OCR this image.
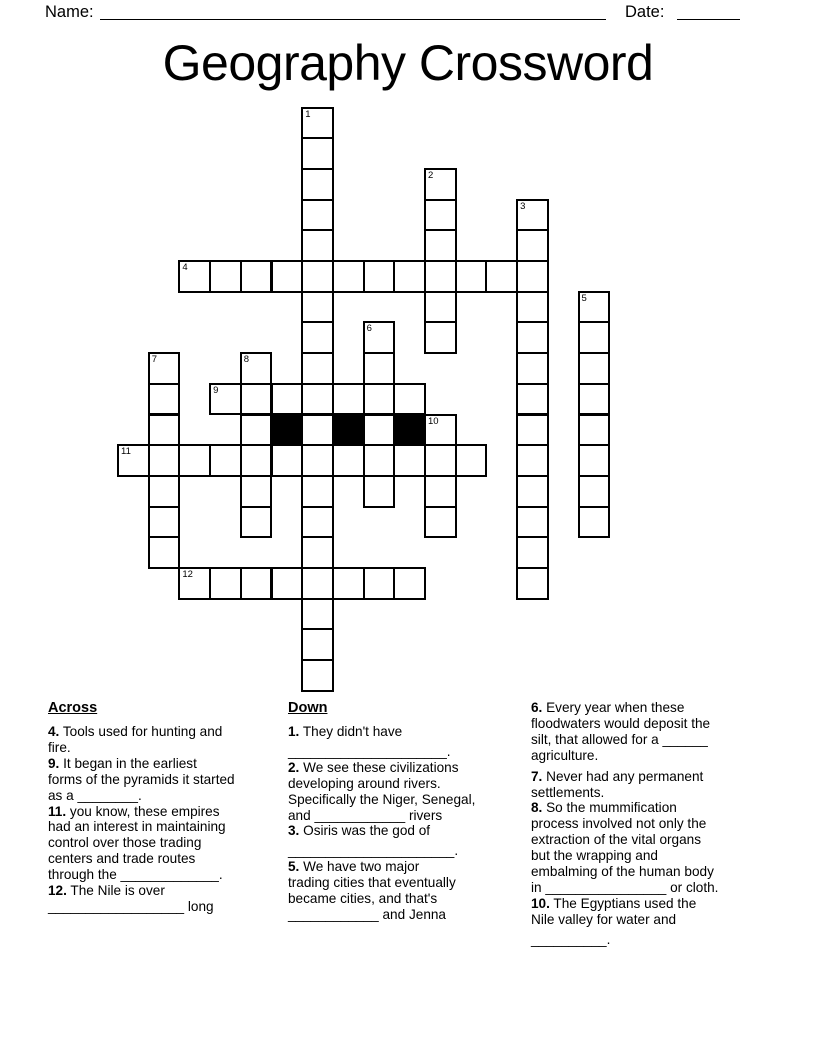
Name:	Date:
Geography Crossword
1
2
3
4
5
6
7	8
9
10
11
12
Across
4. Tools used for hunting and
fire.
9. It began in the earliest
forms of the pyramids it started
as a ________.
11. you know, these empires
had an interest in maintaining
control over those trading
centers and trade routes
through the _____________.
12. The Nile is over
__________________ long
Down
1. They didn't have
_____________________.
2. We see these civilizations
developing around rivers.
Specifically the Niger, Senegal,
and ____________ rivers
3. Osiris was the god of
______________________.
5. We have two major
trading cities that eventually
became cities, and that's
____________ and Jenna
6. Every year when these
floodwaters would deposit the
silt, that allowed for a ______
agriculture.
7. Never had any permanent
settlements.
8. So the mummification
process involved not only the
extraction of the vital organs
but the wrapping and
embalming of the human body
in ________________ or cloth.
10. The Egyptians used the
Nile valley for water and
__________.
